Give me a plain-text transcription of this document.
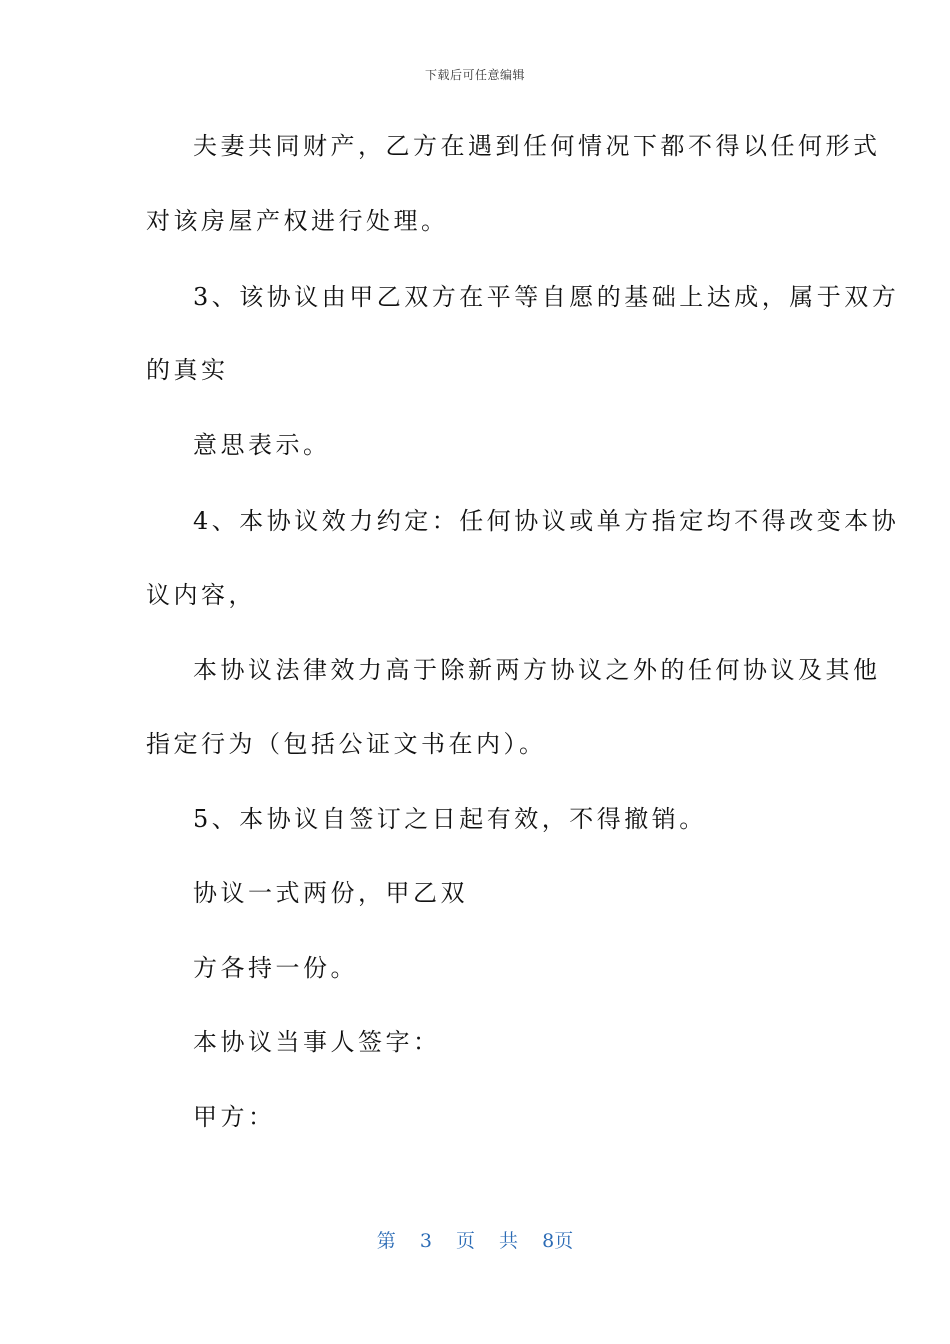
下载后可任意编辑
夫妻共同财产，乙方在遇到任何情况下都不得以任何形式
对该房屋产权进行处理。
3、该协议由甲乙双方在平等自愿的基础上达成，属于双方
的真实
意思表示。
4、本协议效力约定：任何协议或单方指定均不得改变本协
议内容，
本协议法律效力高于除新两方协议之外的任何协议及其他
指定行为（包括公证文书在内）。
5、本协议自签订之日起有效，不得撤销。
协议一式两份，甲乙双
方各持一份。
本协议当事人签字：
甲方：
第 3 页 共 8页
